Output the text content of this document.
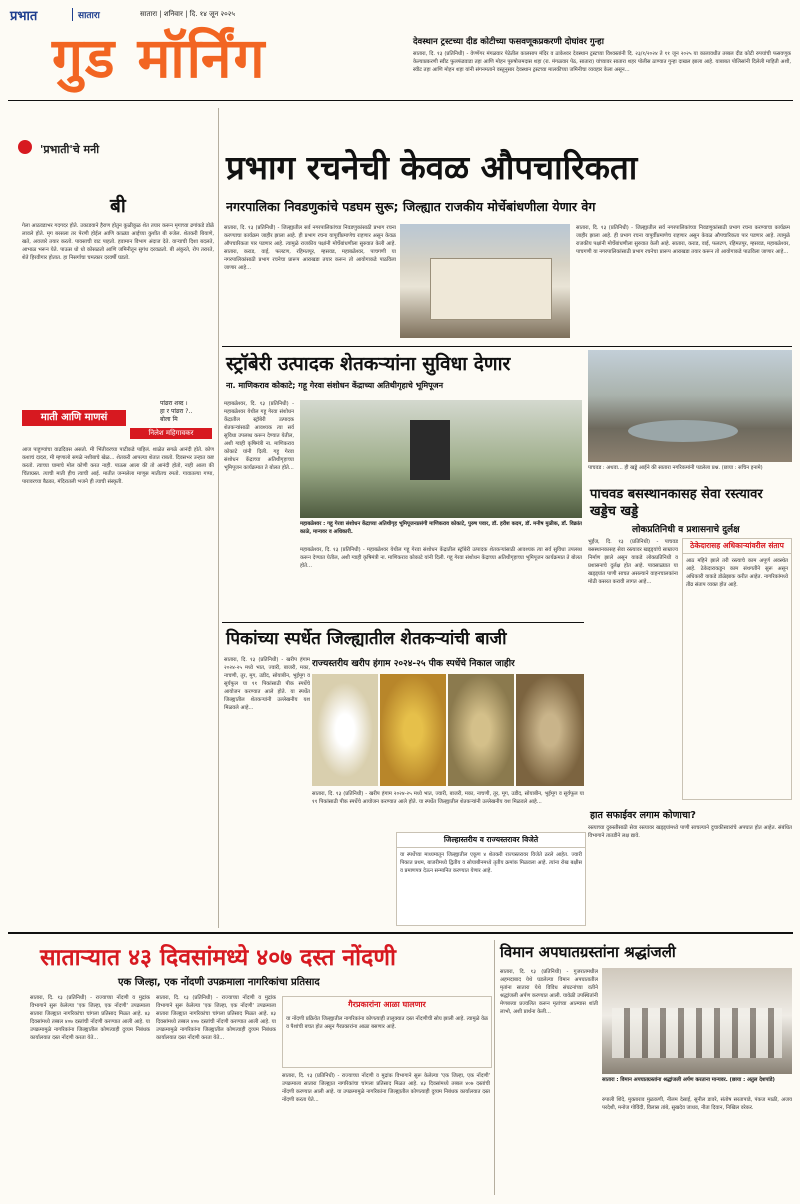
प्रभात	सातारा	सातारा | शनिवार | दि. १४ जून २०२५
गुड मॉर्निंग	देवस्थान ट्रस्टच्या दीड कोटीच्या फसवणूकप्रकरणी दोघांवर गुन्हा
सातारा, दि. १३ (प्रतिनिधी) - वेण्णेंगर मंगळवार पेठेतील कालसाप मंदिर व ठाकेश्वर देवस्थान ट्रस्टच्या विश्वस्तांनी दि. २३/१/२०२४ ते ११ जून २०२५ या कालावधीत तब्बल दीड कोटी रुपयांची फसवणूक केल्याप्रकरणी स्वीट फुलफंडवाडा तहा आणि मोहन पुरुषोत्तमदास शहा (रा. मंगळवार पेठ, सातारा) यांच्यावर सातारा शहर पोलीस ठाण्यात गुन्हा दाखल झाला आहे. याबाबत पोलिसांनी दिलेली माहिती अशी, स्वीट तहा आणि मोहन शहा यांनी संगनमताने वस्तुनुसार देवस्थान ट्रस्टच्या मालकीच्या जमिनीचा व्यवहार केला असून...
'प्रभाती'चे मनी
बी
गेला आठवडाभर गदगदर होते. उकाडयाने हैराण होतुन कुळीकुळ शेत तयार करून मृगाच्या ढगांकडे डोळे लावले होते. मृग बरसला तर पेरणी होईल आणि काळ्या आईच्या कुशीत बी रुजेल. शेतकरी बियाणे, खते, अवजारे तयार करतो. पावसाची वाट पाहतो. हवामान विभाग अंदाज देते. वाऱ्याची दिशा बदलते, आभाळ भरून येते. पाऊस धो धो कोसळतो आणि जमिनीतून सुगंध दरवळतो. बी अंकुरते, रोप तरारते, शेते हिरवीगार होतात. हा निसर्गाचा चमत्कार दरवर्षी घडतो.
माती आणि माणसं
निलेश महिगावकर
पांढरा शब्द ।
हा र पांढरा ?..
बोला मि
आज पाहुण्यांचा वाढदिवस असतो. मी भिंतीवरच्या पाटीकडे पाहिलं. शाळेत सगळे आनंदी होते. कोण कशाचं दादरा, मी म्हणालो सगळे नशीबाचे खेळ... शेतकरी आपल्या शेतात राबतो. दिवसभर उन्हात कष्ट करतो. त्याच्या घामाचे मोल कोणी करत नाही. पाऊस आला की तो आनंदी होतो, नाही आला की चिंताग्रस्त. त्याची माती हीच त्याची आई. मातीत जन्मलेला माणूस मातीतच रमतो. गावातल्या गप्पा, पारावरच्या बैठका, मंदिरातली भजने ही त्याची संस्कृती.
प्रभाग रचनेची केवळ औपचारिकता
नगरपालिका निवडणुकांचे पडघम सुरू; जिल्ह्यात राजकीय मोर्चेबांधणीला येणार वेग
सातारा, दि. १३ (प्रतिनिधी) - जिल्ह्यातील सर्व नगरपालिकांच्या निवडणुकांसाठी प्रभाग रचना करण्याचा कार्यक्रम जाहीर झाला आहे. ही प्रभाग रचना यापूर्वीप्रमाणेच राहणार असून केवळ औपचारिकता पार पडणार आहे. त्यामुळे राजकीय पक्षांनी मोर्चेबांधणीला सुरुवात केली आहे. सातारा, कराड, वाई, फलटण, रहिमतपूर, म्हसवड, महाबळेश्वर, पाचगणी या नगरपालिकांसाठी प्रभाग रचनेचा प्रारूप आराखडा तयार करून तो आयोगाकडे पाठविला जाणार आहे...
सातारा, दि. १३ (प्रतिनिधी) - जिल्ह्यातील सर्व नगरपालिकांच्या निवडणुकांसाठी प्रभाग रचना करण्याचा कार्यक्रम जाहीर झाला आहे. ही प्रभाग रचना यापूर्वीप्रमाणेच राहणार असून केवळ औपचारिकता पार पडणार आहे. त्यामुळे राजकीय पक्षांनी मोर्चेबांधणीला सुरुवात केली आहे. सातारा, कराड, वाई, फलटण, रहिमतपूर, म्हसवड, महाबळेश्वर, पाचगणी या नगरपालिकांसाठी प्रभाग रचनेचा प्रारूप आराखडा तयार करून तो आयोगाकडे पाठविला जाणार आहे...
स्ट्रॉबेरी उत्पादक शेतकऱ्यांना सुविधा देणार
ना. माणिकराव कोकाटे; गहू गेरवा संशोधन केंद्राच्या अतिथीगृहाचे भूमिपूजन
महाबळेश्वर, दि. १३ (प्रतिनिधी) - महाबळेश्वर येथील गहू गेरवा संशोधन केंद्रातील स्ट्रॉबेरी उत्पादक शेतकऱ्यांसाठी आवश्यक त्या सर्व सुविधा उपलब्ध करून देण्यात येतील, अशी ग्वाही कृषिमंत्री ना. माणिकराव कोकाटे यांनी दिली. गहू गेरवा संशोधन केंद्राच्या अतिथीगृहाच्या भूमिपूजन कार्यक्रमात ते बोलत होते...
महाबळेश्वर : गहू गेरवा संशोधन केंद्राच्या अतिथीगृह भूमिपूजनप्रसंगी माणिकराव कोकाटे, पुरुष पवार, डॉ. हरीश कदम, डॉ. मनीष मुळीक, डॉ. विक्रांत काळे, मान्यवर व अधिकारी.
महाबळेश्वर, दि. १३ (प्रतिनिधी) - महाबळेश्वर येथील गहू गेरवा संशोधन केंद्रातील स्ट्रॉबेरी उत्पादक शेतकऱ्यांसाठी आवश्यक त्या सर्व सुविधा उपलब्ध करून देण्यात येतील, अशी ग्वाही कृषिमंत्री ना. माणिकराव कोकाटे यांनी दिली. गहू गेरवा संशोधन केंद्राच्या अतिथीगृहाच्या भूमिपूजन कार्यक्रमात ते बोलत होते...
पाचवड : अथवा... ही खड्डे आईने की सातारा नगरिकमांनी पडलेला प्रश्न. (छाया : सचिन इनामे)
पाचवड बसस्थानकासह सेवा रस्त्यावर खड्डेच खड्डे
लोकप्रतिनिधी व प्रशासनाचे दुर्लक्ष
भुईंज, दि. १३ (प्रतिनिधी) - पाचवड बसस्थानकासह सेवा रस्त्यावर खड्ड्यांचे साम्राज्य निर्माण झाले असून याकडे लोकप्रतिनिधी व प्रशासनाचे दुर्लक्ष होत आहे. पावसाळ्यात या खड्ड्यांत पाणी साचत असल्याने वाहनचालकांना मोठी कसरत करावी लागत आहे...
ठेकेदारासह अधिकाऱ्यांवरील संताप
आठ महिने झाले तरी रस्त्याचे काम अपूर्ण अवस्थेत आहे. ठेकेदाराकडून काम संथगतीने सुरू असून अधिकारी याकडे डोळेझाक करीत आहेत. नागरिकांमध्ये तीव्र संताप व्यक्त होत आहे.
हात सफाईवर लगाम कोणाचा?
रस्त्याच्या दुरुस्तीसाठी सेवा रस्त्यावर खड्ड्यांमध्ये पाणी साचल्याने दुचाकीस्वारांचे अपघात होत आहेत. संबंधित विभागाने तातडीने लक्ष द्यावे.
पिकांच्या स्पर्धेत जिल्ह्यातील शेतकऱ्यांची बाजी
सातारा, दि. १३ (प्रतिनिधी) - खरीप हंगाम २०२४-२५ मध्ये भात, ज्वारी, बाजरी, मका, नाचणी, तूर, मूग, उडीद, सोयाबीन, भुईमूग व सूर्यफूल या ११ पिकांसाठी पीक स्पर्धेचे आयोजन करण्यात आले होते. या स्पर्धेत जिल्ह्यातील शेतकऱ्यांनी उल्लेखनीय यश मिळवले आहे...
राज्यस्तरीय खरीप हंगाम २०२४-२५ पीक स्पर्धेचे निकाल जाहीर
सातारा, दि. १३ (प्रतिनिधी) - खरीप हंगाम २०२४-२५ मध्ये भात, ज्वारी, बाजरी, मका, नाचणी, तूर, मूग, उडीद, सोयाबीन, भुईमूग व सूर्यफूल या ११ पिकांसाठी पीक स्पर्धेचे आयोजन करण्यात आले होते. या स्पर्धेत जिल्ह्यातील शेतकऱ्यांनी उल्लेखनीय यश मिळवले आहे...
जिल्हास्तरीय व राज्यस्तरावर विजेते
या स्पर्धेच्या माध्यमातून जिल्ह्यातील एकूण ४ शेतकरी राज्यस्तरावर विजेते ठरले आहेत. ज्वारी पिकात प्रथम, बाजरीमध्ये द्वितीय व सोयाबीनमध्ये तृतीय क्रमांक मिळवला आहे. त्यांना रोख बक्षीस व प्रमाणपत्र देऊन सन्मानित करण्यात येणार आहे.
साताऱ्यात ४३ दिवसांमध्ये ४०७ दस्त नोंदणी
एक जिल्हा, एक नोंदणी उपक्रमाला नागरिकांचा प्रतिसाद
सातारा, दि. १३ (प्रतिनिधी) - राज्याच्या नोंदणी व मुद्रांक विभागाने सुरू केलेल्या 'एक जिल्हा, एक नोंदणी' उपक्रमाला सातारा जिल्ह्यात नागरिकांचा चांगला प्रतिसाद मिळत आहे. ४३ दिवसांमध्ये तब्बल ४०७ दस्तांची नोंदणी करण्यात आली आहे. या उपक्रमामुळे नागरिकांना जिल्ह्यातील कोणत्याही दुय्यम निबंधक कार्यालयात दस्त नोंदणी करता येते...
सातारा, दि. १३ (प्रतिनिधी) - राज्याच्या नोंदणी व मुद्रांक विभागाने सुरू केलेल्या 'एक जिल्हा, एक नोंदणी' उपक्रमाला सातारा जिल्ह्यात नागरिकांचा चांगला प्रतिसाद मिळत आहे. ४३ दिवसांमध्ये तब्बल ४०७ दस्तांची नोंदणी करण्यात आली आहे. या उपक्रमामुळे नागरिकांना जिल्ह्यातील कोणत्याही दुय्यम निबंधक कार्यालयात दस्त नोंदणी करता येते...
गैरप्रकारांना आळा घालणार
या नोंदणी प्रक्रियेत जिल्ह्यातील नागरिकांना कोणत्याही तालुक्यात दस्त नोंदणीची सोय झाली आहे. त्यामुळे वेळ व पैशांची बचत होत असून गैरप्रकारांना आळा बसणार आहे.
सातारा, दि. १३ (प्रतिनिधी) - राज्याच्या नोंदणी व मुद्रांक विभागाने सुरू केलेल्या 'एक जिल्हा, एक नोंदणी' उपक्रमाला सातारा जिल्ह्यात नागरिकांचा चांगला प्रतिसाद मिळत आहे. ४३ दिवसांमध्ये तब्बल ४०७ दस्तांची नोंदणी करण्यात आली आहे. या उपक्रमामुळे नागरिकांना जिल्ह्यातील कोणत्याही दुय्यम निबंधक कार्यालयात दस्त नोंदणी करता येते...
विमान अपघातग्रस्तांना श्रद्धांजली
सातारा, दि. १३ (प्रतिनिधी) - गुजरातमधील अहमदाबाद येथे घडलेल्या विमान अपघातातील मृतांना सातारा येथे विविध संघटनांच्या वतीने श्रद्धांजली अर्पण करण्यात आली. यावेळी उपस्थितांनी मेणबत्त्या प्रज्वलित करून मृतांच्या आत्म्यास शांती लाभो, अशी प्रार्थना केली...
सातारा : विमान अपघातग्रस्तांना श्रद्धांजली अर्पण करताना मान्यवर. (छाया : अतुल देशपांडे)
रुपाली शिंदे, मुक्ताराव मुळकणी, नीलम देसाई, सुनील डावरे, संतोष सरतापाडे, पंकज माळी, अजय परदेशी, मनोज गोविंदी, विलास तांबे, सुखदेव जाधव, नीता दिवान, निखिल वरेकर.
